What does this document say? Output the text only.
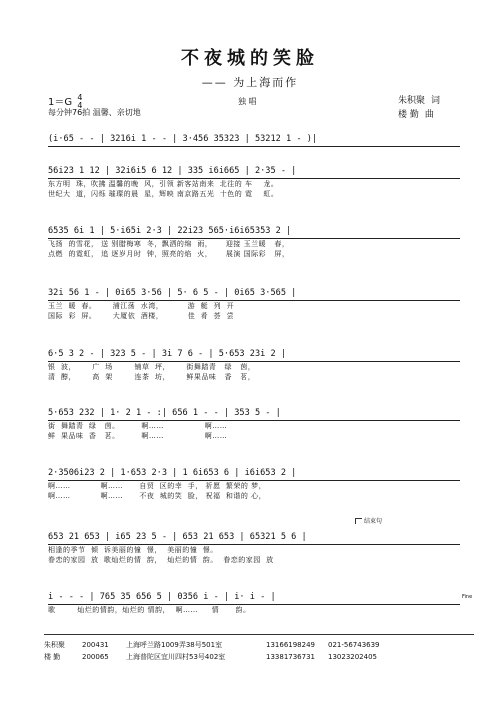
不夜城的笑脸
—— 为上海而作
1＝G 4
4
每分钟76拍 温馨、亲切地
独 唱	朱积聚 词
楼 勤 曲
(i·65 - - | 3216i 1 - - | 3·456 35323 | 53212 1 - )|
56i23 1 12 | 32i6i5 6 12 | 335 i6i665 | 2·35 - |
东方明  珠，吹拂 温馨的晚  风，引领 新客站南来  北往的 车    龙。
世纪大  道，闪烁 璀璨的晨  星，辉映 南京路五光  十色的 霓    虹。
6535 6i 1 | 5·i65i 2·3 | 22i23 565·i6i65353 2 |
飞扬  的雪花， 送 别腊梅寒  冬，飘洒的绵  雨，     迎接 玉兰暖   春，
点燃  的霓虹， 追 逐岁月时  钟，照亮的焰  火，     展演 国际彩   屏，
32i 56 1 - | 0i65 3·56 | 5· 6 5 - | 0i65 3·565 |
玉兰  暖  春。      浦江荡  水湾，         游  艇  列  开
国际  彩  屏。      大厦依  酒楼，         佳  肴  荟  尝
6·5 3 2 - | 323 5 - | 3i 7 6 - | 5·653 23i 2 |
银  波，      广  场        铺草  坪，      街舞踏青   绿   茵，
清  醇，      高  架        连茶  坊，      鲜果品味   香   茗，
5·653 232 | 1· 2 1 - :| 656 1 - - | 353 5 - |
街  舞踏青  绿   茵。        啊……               啊……
鲜  果品味  香   茗。        啊……               啊……
2·3506i23 2 | 1·653 2·3 | 1 6i653 6 | i6i653 2 |
啊……           啊……      自贸  区的幸  手， 祈愿  繁荣的 梦，
啊……           啊……      不夜  城的笑  脸， 祝福  和谐的 心，
结束句
653 21 653 | i65 23 5 - | 653 21 653 | 65321 5 6 |
相逢的季节  倾  诉美丽的憧  憬，  美丽的憧  憬。
眷恋的家园  放  歌灿烂的情  韵，  灿烂的情  韵。  眷恋的家园  放
i - - - | 765 35 656 5 | 0356 i - | i· i - |
歌        灿烂的情韵，灿烂的 情韵，  啊……     情      韵。
Fine
朱积聚	200431	上海呼兰路1009弄38号501室	13166198249	021-56743639
楼 勤	200065	上海普陀区宜川四村53号402室	13381736731	13023202405
